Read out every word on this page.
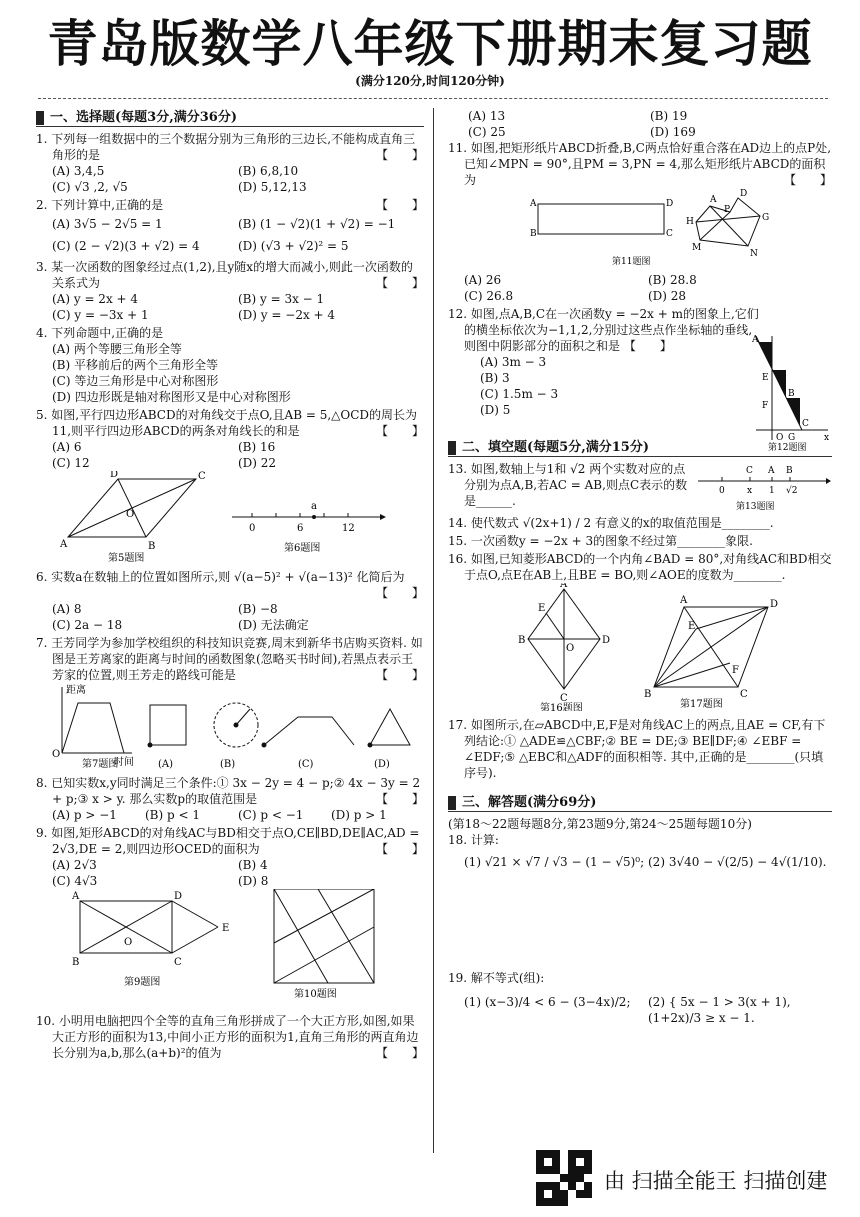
青岛版数学八年级下册期末复习题
(满分120分,时间120分钟)
一、选择题(每题3分,满分36分)
1. 下列每一组数据中的三个数据分别为三角形的三边长,不能构成直角三角形的是	【　　】
(A) 3,4,5	(B) 6,8,10
(C) √3 ,2, √5	(D) 5,12,13
2. 下列计算中,正确的是	【　　】
(A) 3√5 − 2√5 = 1	(B) (1 − √2)(1 + √2) = −1
(C) (2 − √2)(3 + √2) = 4	(D) (√3 + √2)² = 5
3. 某一次函数的图象经过点(1,2),且y随x的增大而减小,则此一次函数的关系式为	【　　】
(A) y = 2x + 4	(B) y = 3x − 1
(C) y = −3x + 1	(D) y = −2x + 4
4. 下列命题中,正确的是
(A) 两个等腰三角形全等
(B) 平移前后的两个三角形全等
(C) 等边三角形是中心对称图形
(D) 四边形既是轴对称图形又是中心对称图形
5. 如图,平行四边形ABCD的对角线交于点O,且AB = 5,△OCD的周长为11,则平行四边形ABCD的两条对角线长的和是	【　　】
(A) 6	(B) 16
(C) 12	(D) 22
A	B
C
D
O
第5题图
0	6	12
a
第6题图
6. 实数a在数轴上的位置如图所示,则 √(a−5)² + √(a−13)² 化简后为
【　　】
(A) 8	(B) −8
(C) 2a − 18	(D) 无法确定
7. 王芳同学为参加学校组织的科技知识竞赛,周末到新华书店购买资料. 如图是王芳离家的距离与时间的函数图象(忽略买书时间),若黑点表示王芳家的位置,则王芳走的路线可能是	【　　】
距离
时间
O
第7题图	(A)	(B)	(C)	(D)
8. 已知实数x,y同时满足三个条件:① 3x − 2y = 4 − p;② 4x − 3y = 2 + p;③ x > y. 那么实数p的取值范围是	【　　】
(A) p > −1	(B) p < 1	(C) p < −1	(D) p > 1
9. 如图,矩形ABCD的对角线AC与BD相交于点O,CE∥BD,DE∥AC,AD = 2√3,DE = 2,则四边形OCED的面积为	【　　】
(A) 2√3	(B) 4
(C) 4√3	(D) 8
A
B	C
D
E
O
第9题图
第10题图
10. 小明用电脑把四个全等的直角三角形拼成了一个大正方形,如图,如果大正方形的面积为13,中间小正方形的面积为1,直角三角形的两直角边长分别为a,b,那么(a+b)²的值为	【　　】
(A) 13	(B) 19
(C) 25	(D) 169
11. 如图,把矩形纸片ABCD折叠,B,C两点恰好重合落在AD边上的点P处,已知∠MPN = 90°,且PM = 3,PN = 4,那么矩形纸片ABCD的面积为	【　　】
A
B
D
C
H
A
D
G
N
M
P
第11题图
(A) 26	(B) 28.8
(C) 26.8	(D) 28
12. 如图,点A,B,C在一次函数y = −2x + m的图象上,它们的横坐标依次为−1,1,2,分别过这些点作坐标轴的垂线,则图中阴影部分的面积之和是 【　　】
(A) 3m − 3
(B) 3
(C) 1.5m − 3
(D) 5
A
E
F
B
C
O G	x
第12题图
二、填空题(每题5分,满分15分)
13. 如图,数轴上与1和 √2 两个实数对应的点分别为点A,B,若AC = AB,则点C表示的数是______.
C A B
0 x 1 √2
第13题图
14. 使代数式 √(2x+1) / 2 有意义的x的取值范围是________.
15. 一次函数y = −2x + 3的图象不经过第________象限.
16. 如图,已知菱形ABCD的一个内角∠BAD = 80°,对角线AC和BD相交于点O,点E在AB上,且BE = BO,则∠AOE的度数为________.
A
B
C
D
E
O
第16题图
A
B	C
D
E
F
第17题图
17. 如图所示,在▱ABCD中,E,F是对角线AC上的两点,且AE = CF,有下列结论:① △ADE≌△CBF;② BE = DE;③ BE∥DF;④ ∠EBF = ∠EDF;⑤ △EBC和△ADF的面积相等. 其中,正确的是________(只填序号).
三、解答题(满分69分)
(第18～22题每题8分,第23题9分,第24～25题每题10分)
18. 计算:
(1) √21 × √7 / √3 − (1 − √5)⁰; (2) 3√40 − √(2/5) − 4√(1/10).
19. 解不等式(组):
(1) (x−3)/4 < 6 − (3−4x)/2;	(2) { 5x − 1 > 3(x + 1), (1+2x)/3 ≥ x − 1.
由 扫描全能王 扫描创建
